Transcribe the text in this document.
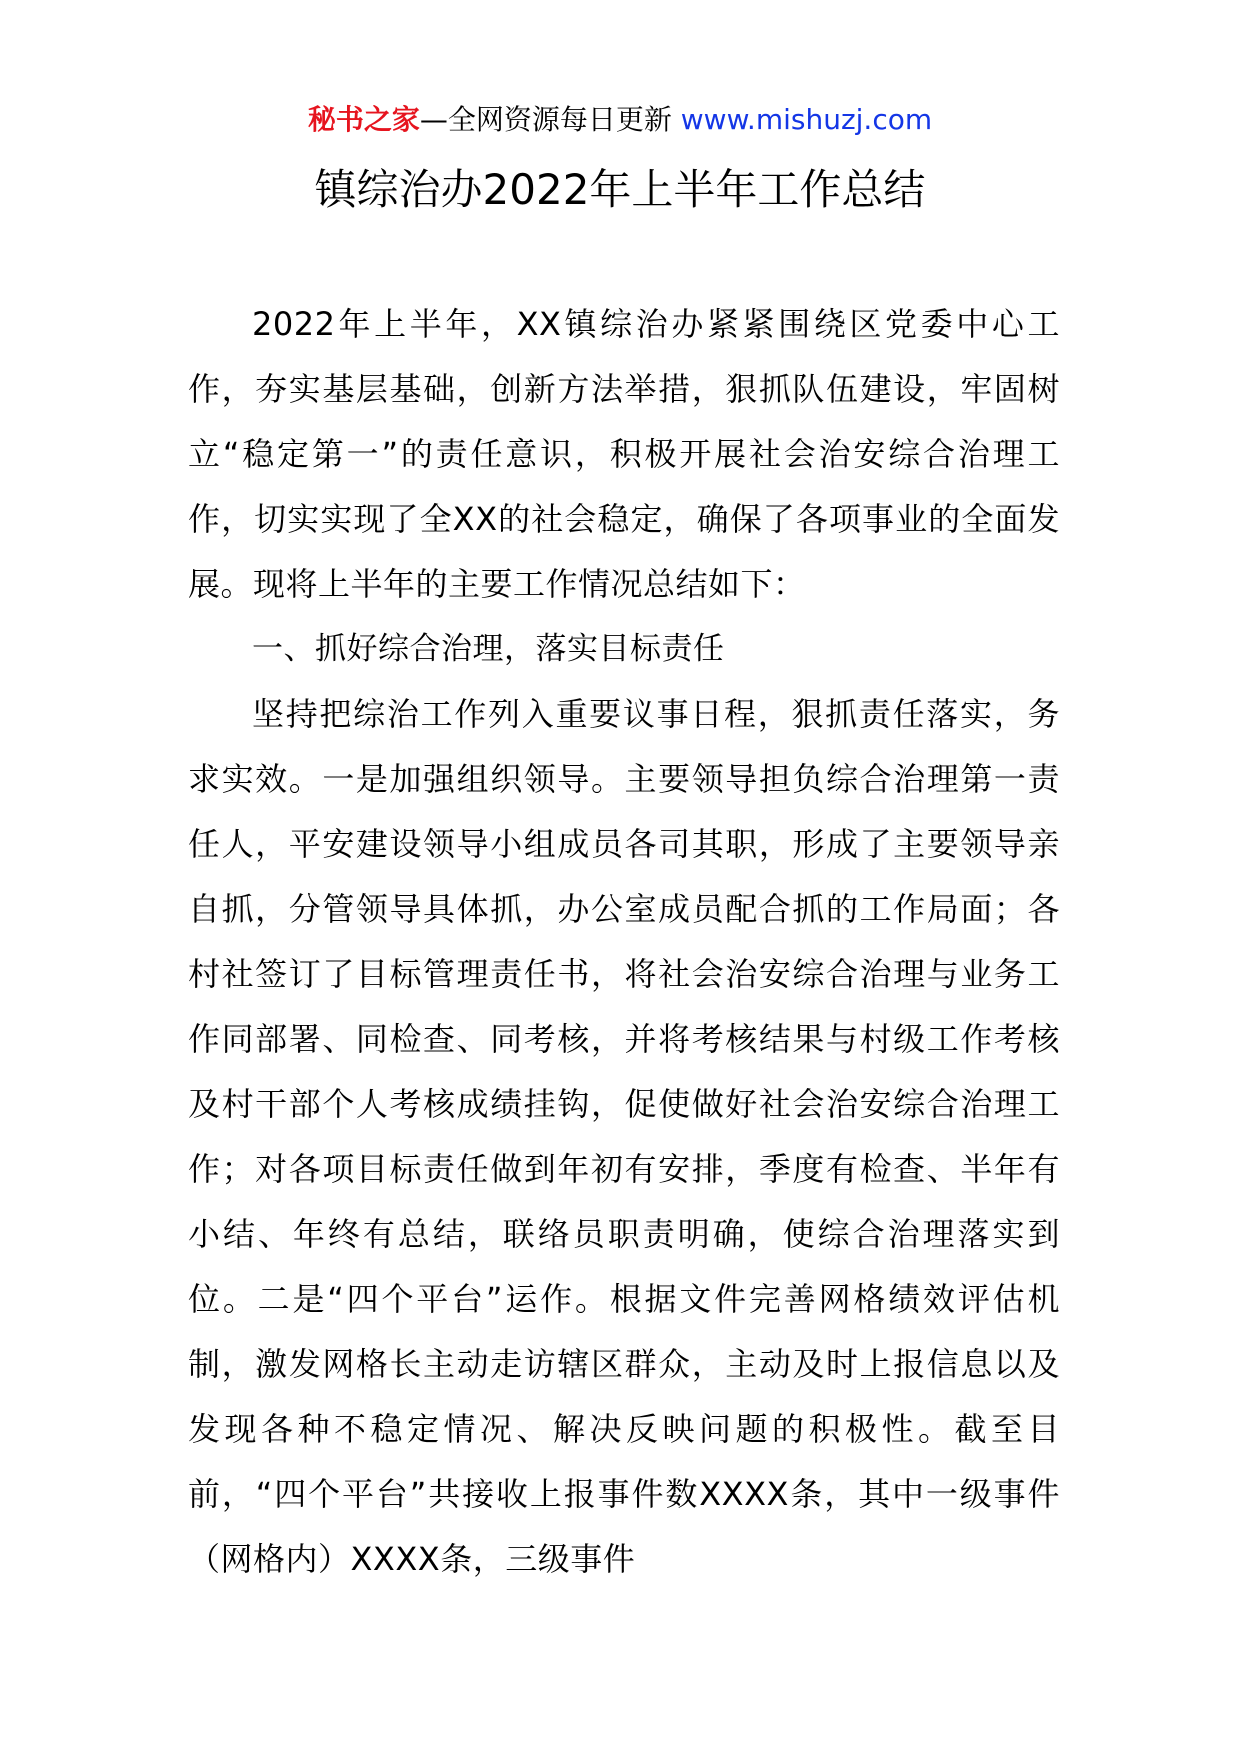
秘书之家—全网资源每日更新 www.mishuzj.com
镇综治办2022年上半年工作总结

2022年上半年，XX镇综治办紧紧围绕区党委中心工作，夯实基层基础，创新方法举措，狠抓队伍建设，牢固树立“稳定第一”的责任意识，积极开展社会治安综合治理工作，切实实现了全XX的社会稳定，确保了各项事业的全面发展。现将上半年的主要工作情况总结如下：

一、抓好综合治理，落实目标责任

坚持把综治工作列入重要议事日程，狠抓责任落实，务求实效。一是加强组织领导。主要领导担负综合治理第一责任人，平安建设领导小组成员各司其职，形成了主要领导亲自抓，分管领导具体抓，办公室成员配合抓的工作局面；各村社签订了目标管理责任书，将社会治安综合治理与业务工作同部署、同检查、同考核，并将考核结果与村级工作考核及村干部个人考核成绩挂钩，促使做好社会治安综合治理工作；对各项目标责任做到年初有安排，季度有检查、半年有小结、年终有总结，联络员职责明确，使综合治理落实到位。二是“四个平台”运作。根据文件完善网格绩效评估机制，激发网格长主动走访辖区群众，主动及时上报信息以及发现各种不稳定情况、解决反映问题的积极性。截至目前，“四个平台”共接收上报事件数XXXX条，其中一级事件（网格内）XXXX条，三级事件
